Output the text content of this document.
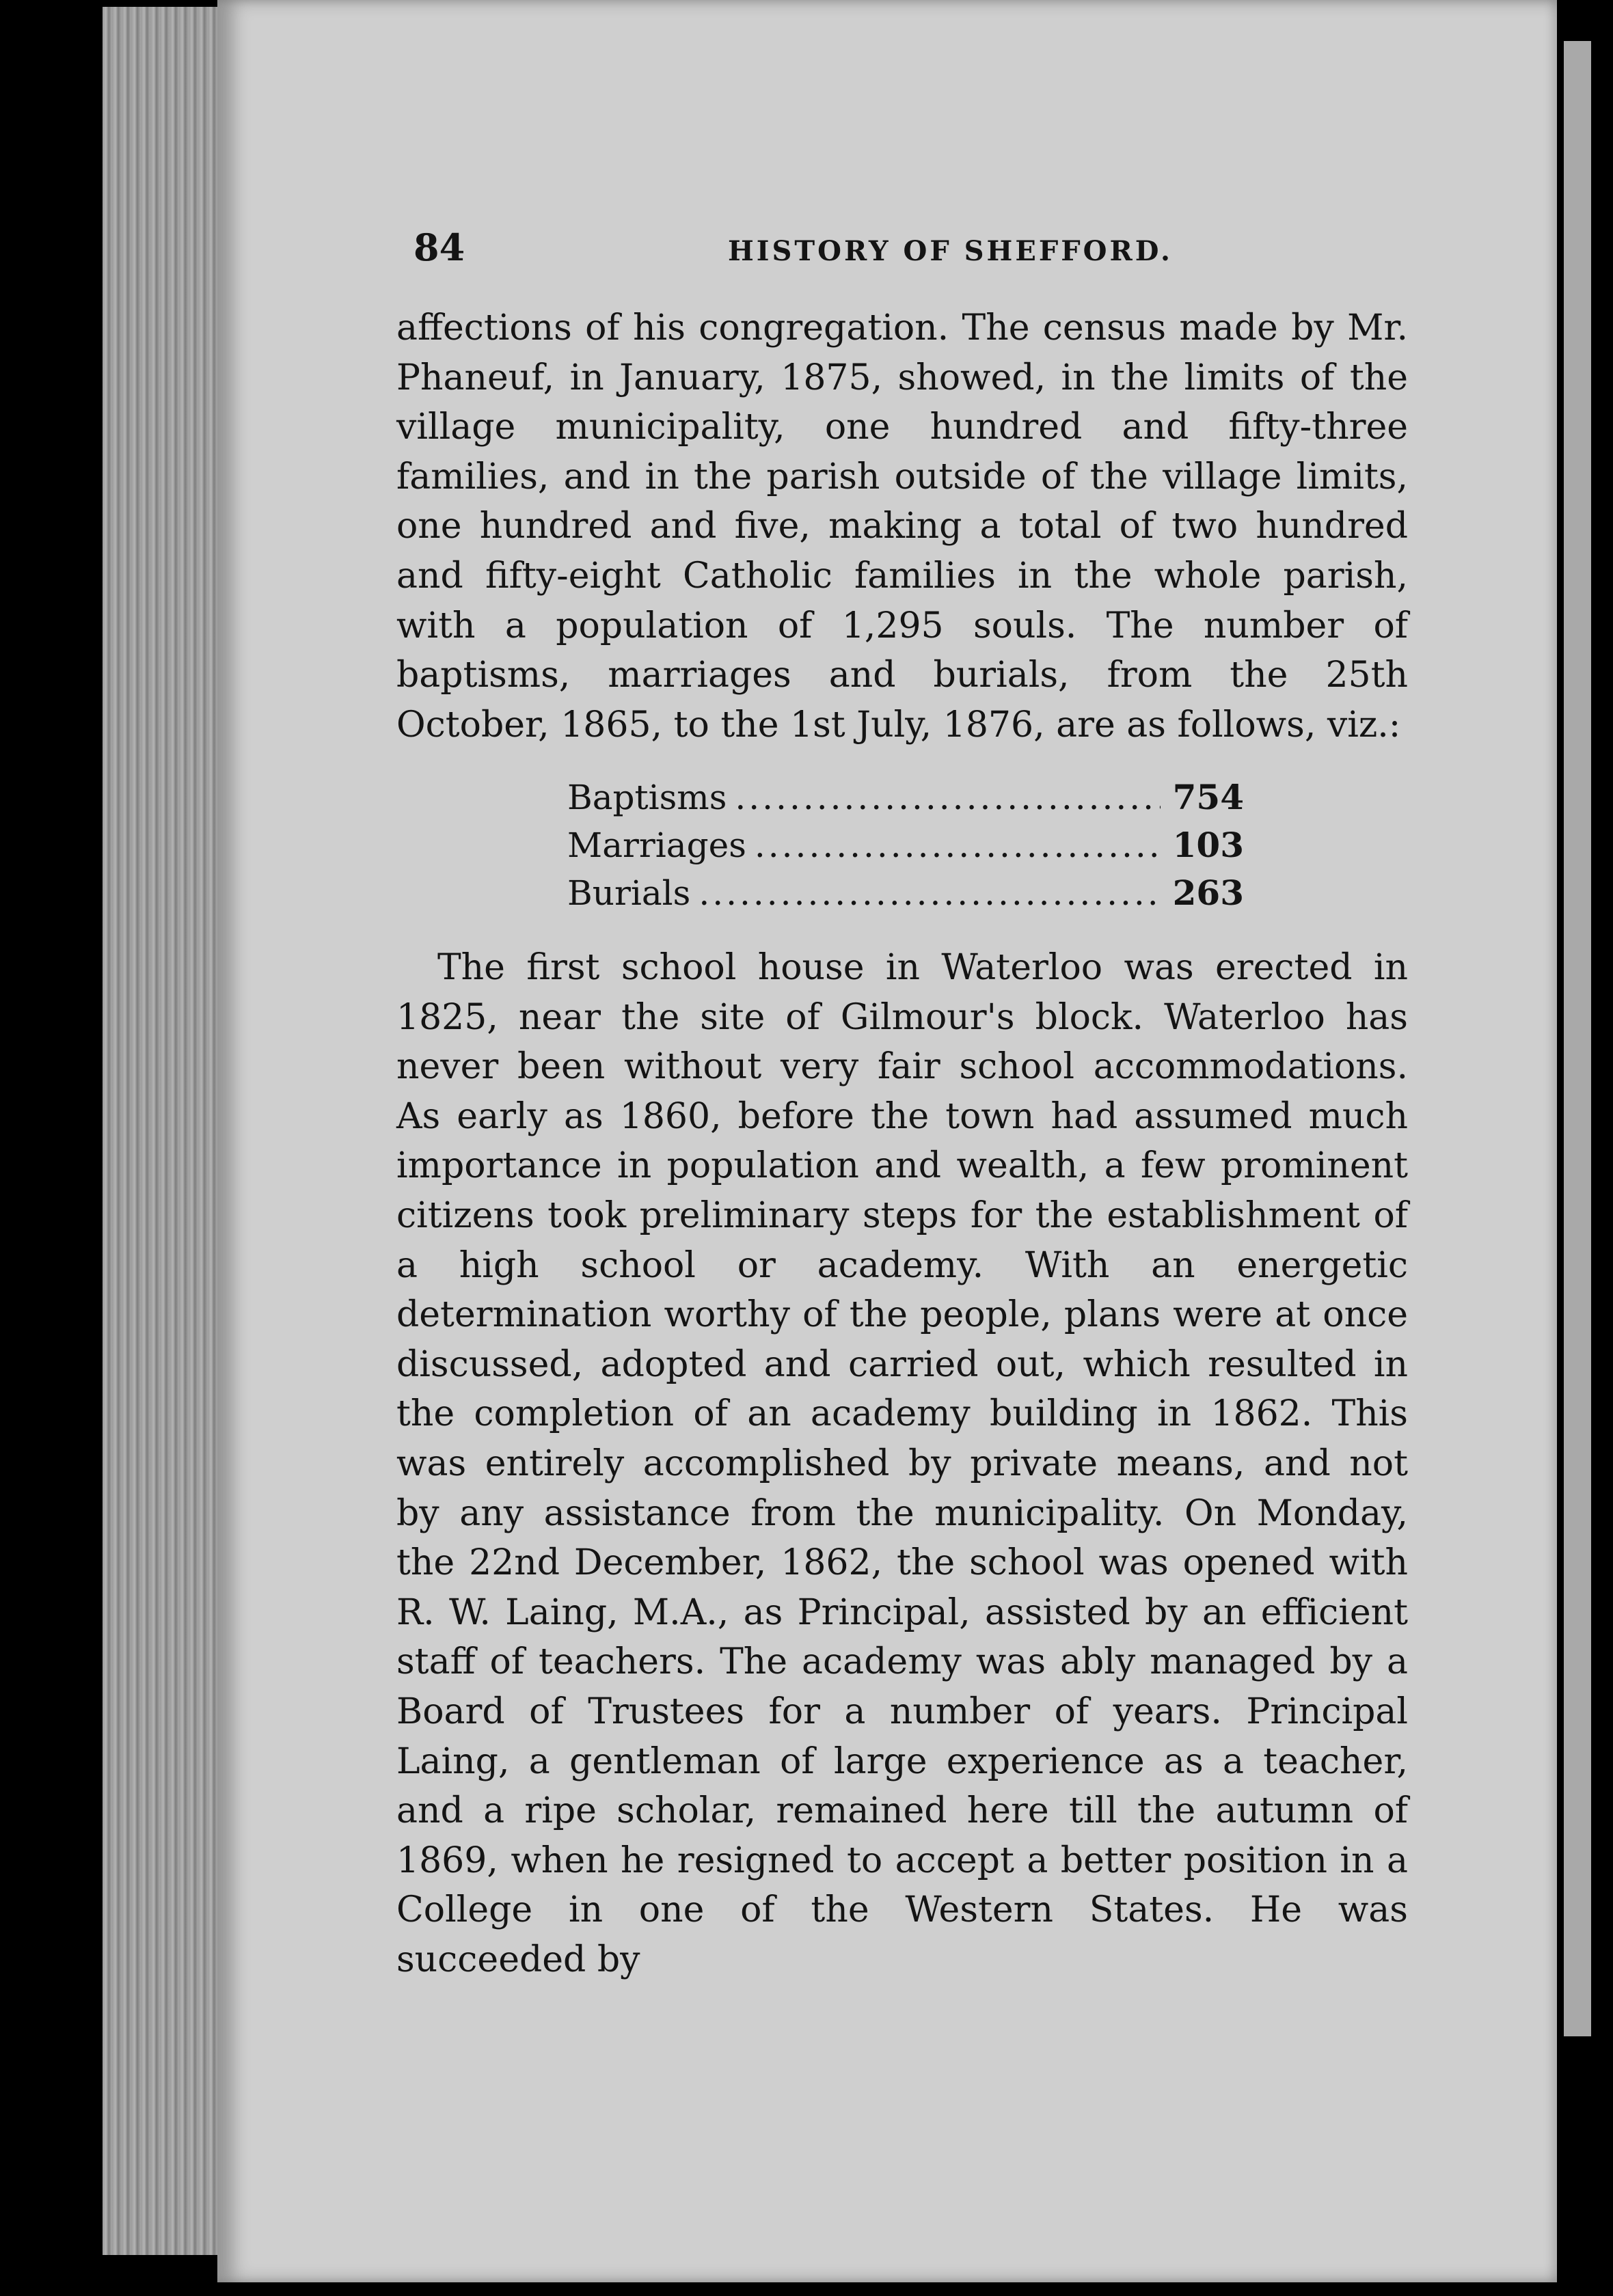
84	HISTORY OF SHEFFORD.
affections of his congregation. The census made by Mr. Phaneuf, in January, 1875, showed, in the limits of the village municipality, one hundred and fifty-three families, and in the parish outside of the village limits, one hundred and five, making a total of two hundred and fifty-eight Catholic families in the whole parish, with a population of 1,295 souls. The number of baptisms, marriages and burials, from the 25th October, 1865, to the 1st July, 1876, are as follows, viz.:
Baptisms .....	754
Marriages .....	103
Burials .....	263
The first school house in Waterloo was erected in 1825, near the site of Gilmour's block. Waterloo has never been without very fair school accommodations. As early as 1860, before the town had assumed much importance in population and wealth, a few prominent citizens took preliminary steps for the establishment of a high school or academy. With an energetic determination worthy of the people, plans were at once discussed, adopted and carried out, which resulted in the completion of an academy building in 1862. This was entirely accomplished by private means, and not by any assistance from the municipality. On Monday, the 22nd December, 1862, the school was opened with R. W. Laing, M.A., as Principal, assisted by an efficient staff of teachers. The academy was ably managed by a Board of Trustees for a number of years. Principal Laing, a gentleman of large experience as a teacher, and a ripe scholar, remained here till the autumn of 1869, when he resigned to accept a better position in a College in one of the Western States. He was succeeded by
